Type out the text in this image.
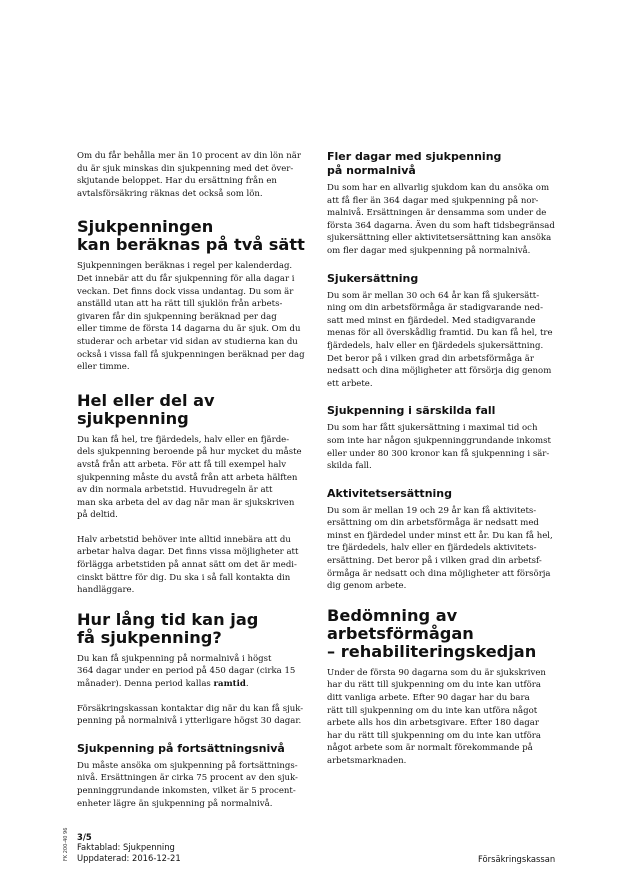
Om du får behålla mer än 10 procent av din lön när
du är sjuk minskas din sjukpenning med det över-
skjutande beloppet. Har du ersättning från en
avtalsförsäkring räknas det också som lön.

Sjukpenningen
kan beräknas på två sätt

Sjukpenningen beräknas i regel per kalenderdag.
Det innebär att du får sjukpenning för alla dagar i
veckan. Det finns dock vissa undantag. Du som är
anställd utan att ha rätt till sjuklön från arbets-
givaren får din sjukpenning beräknad per dag
eller timme de första 14 dagarna du är sjuk. Om du
studerar och arbetar vid sidan av studierna kan du
också i vissa fall få sjukpenningen beräknad per dag
eller timme.

Hel eller del av sjukpenning

Du kan få hel, tre fjärdedels, halv eller en fjärde-
dels sjukpenning beroende på hur mycket du måste
avstå från att arbeta. För att få till exempel halv
sjukpenning måste du avstå från att arbeta hälften
av din normala arbetstid. Huvudregeln är att
man ska arbeta del av dag när man är sjukskriven
på deltid.

Halv arbetstid behöver inte alltid innebära att du
arbetar halva dagar. Det finns vissa möjligheter att
förlägga arbetstiden på annat sätt om det är medi-
cinskt bättre för dig. Du ska i så fall kontakta din
handläggare.

Hur lång tid kan jag
få sjukpenning?

Du kan få sjukpenning på normalnivå i högst
364 dagar under en period på 450 dagar (cirka 15
månader). Denna period kallas ramtid.

Försäkringskassan kontaktar dig när du kan få sjuk-
penning på normalnivå i ytterligare högst 30 dagar.

Sjukpenning på fortsättningsnivå

Du måste ansöka om sjukpenning på fortsättnings-
nivå. Ersättningen är cirka 75 procent av den sjuk-
penninggrundande inkomsten, vilket är 5 procent-
enheter lägre än sjukpenning på normalnivå.

Fler dagar med sjukpenning
på normalnivå

Du som har en allvarlig sjukdom kan du ansöka om
att få fler än 364 dagar med sjukpenning på nor-
malnivå. Ersättningen är densamma som under de
första 364 dagarna. Även du som haft tidsbegränsad
sjukersättning eller aktivitetsersättning kan ansöka
om fler dagar med sjukpenning på normalnivå.

Sjukersättning

Du som är mellan 30 och 64 år kan få sjukersätt-
ning om din arbetsförmåga är stadigvarande ned-
satt med minst en fjärdedel. Med stadigvarande
menas för all överskådlig framtid. Du kan få hel, tre
fjärdedels, halv eller en fjärdedels sjukersättning.
Det beror på i vilken grad din arbetsförmåga är
nedsatt och dina möjligheter att försörja dig genom
ett arbete.

Sjukpenning i särskilda fall

Du som har fått sjukersättning i maximal tid och
som inte har någon sjukpenninggrundande inkomst
eller under 80 300 kronor kan få sjukpenning i sär-
skilda fall.

Aktivitetsersättning

Du som är mellan 19 och 29 år kan få aktivitets-
ersättning om din arbetsförmåga är nedsatt med
minst en fjärdedel under minst ett år. Du kan få hel,
tre fjärdedels, halv eller en fjärdedels aktivitets-
ersättning. Det beror på i vilken grad din arbetsf-
örmåga är nedsatt och dina möjligheter att försörja
dig genom arbete.

Bedömning av arbetsförmågan
– rehabiliteringskedjan

Under de första 90 dagarna som du är sjukskriven
har du rätt till sjukpenning om du inte kan utföra
ditt vanliga arbete. Efter 90 dagar har du bara
rätt till sjukpenning om du inte kan utföra något
arbete alls hos din arbetsgivare. Efter 180 dagar
har du rätt till sjukpenning om du inte kan utföra
något arbete som är normalt förekommande på
arbetsmarknaden.

3/5
Faktablad: Sjukpenning
Uppdaterad: 2016-12-21	Försäkringskassan
FK 200-40 96
